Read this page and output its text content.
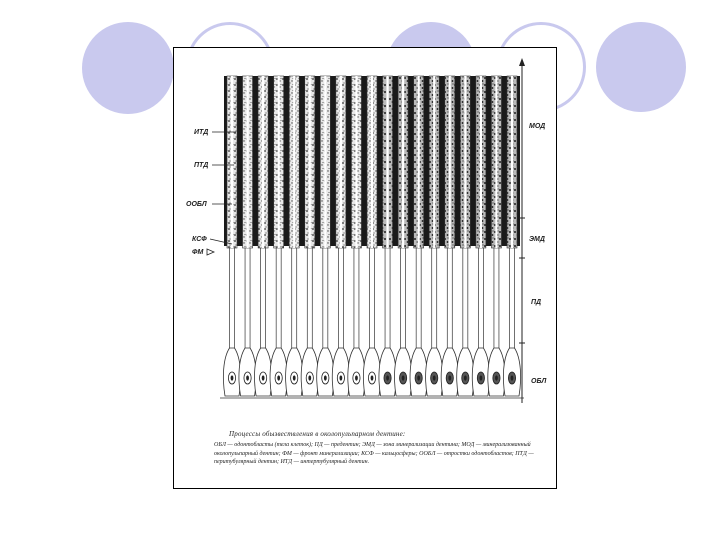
ИТД
ПТД
ООБЛ
КСФ
ФМ
МОД
ЭМД
ПД
ОБЛ
Процессы обызвествления в околопульпарном дентине:
ОБЛ — одонтобласты (тела клеток); ПД — предентин; ЭМД — зона минерализации дентина; МОД — минерализованный околопульпарный дентин; ФМ — фронт минерализации; КСФ — кальцосферы; ООБЛ — отростки одонтобластов; ПТД — перитубулярный дентин; ИТД — интертубулярный дентин.
